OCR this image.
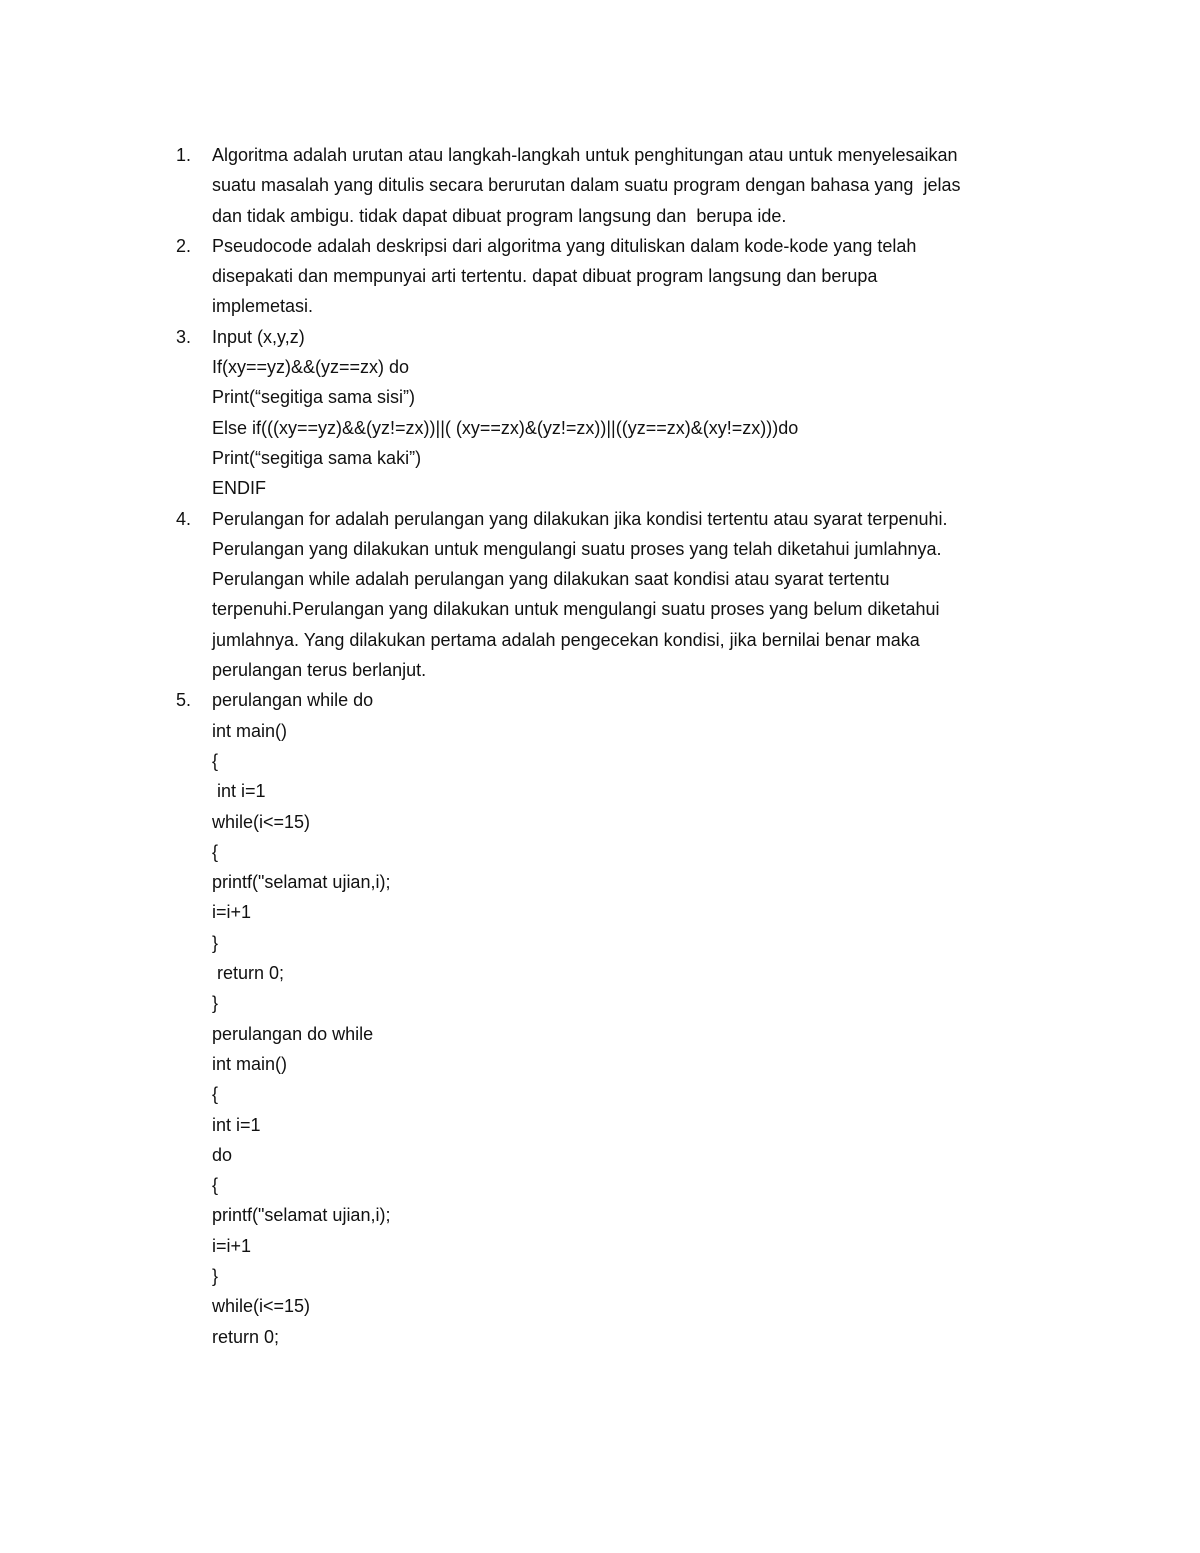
1. Algoritma adalah urutan atau langkah-langkah untuk penghitungan atau untuk menyelesaikan
suatu masalah yang ditulis secara berurutan dalam suatu program dengan bahasa yang  jelas
dan tidak ambigu. tidak dapat dibuat program langsung dan  berupa ide.
2. Pseudocode adalah deskripsi dari algoritma yang dituliskan dalam kode-kode yang telah
disepakati dan mempunyai arti tertentu. dapat dibuat program langsung dan berupa
implemetasi.
3. Input (x,y,z)
If(xy==yz)&&(yz==zx) do
Print(“segitiga sama sisi”)
Else if(((xy==yz)&&(yz!=zx))||( (xy==zx)&(yz!=zx))||((yz==zx)&(xy!=zx)))do
Print(“segitiga sama kaki”)
ENDIF
4. Perulangan for adalah perulangan yang dilakukan jika kondisi tertentu atau syarat terpenuhi.
Perulangan yang dilakukan untuk mengulangi suatu proses yang telah diketahui jumlahnya.
Perulangan while adalah perulangan yang dilakukan saat kondisi atau syarat tertentu
terpenuhi.Perulangan yang dilakukan untuk mengulangi suatu proses yang belum diketahui
jumlahnya. Yang dilakukan pertama adalah pengecekan kondisi, jika bernilai benar maka
perulangan terus berlanjut.
5. perulangan while do
int main()
{
int i=1
while(i<=15)
{
printf("selamat ujian,i);
i=i+1
}
return 0;
}
perulangan do while
int main()
{
int i=1
do
{
printf("selamat ujian,i);
i=i+1
}
while(i<=15)
return 0;
